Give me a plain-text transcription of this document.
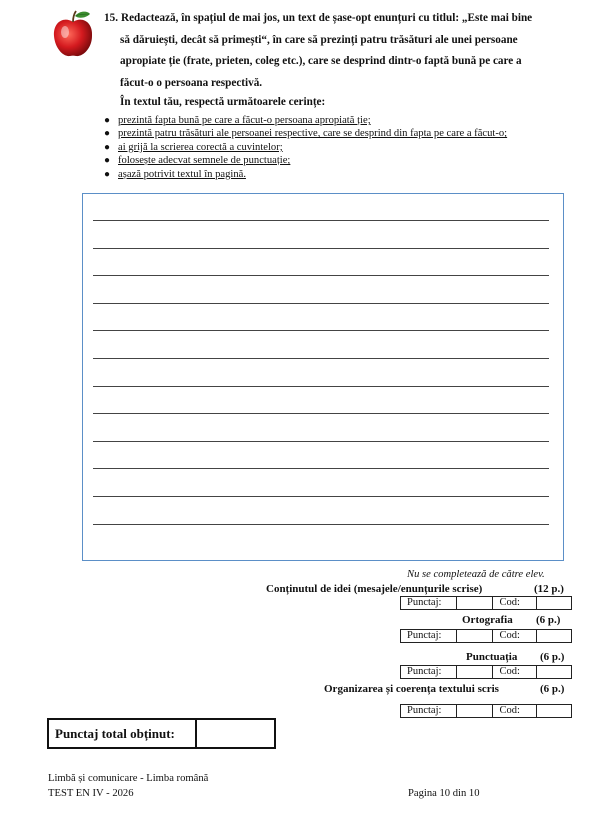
15. Redactează, în spațiul de mai jos, un text de șase-opt enunțuri cu titlul: „Este mai bine
să dăruiești, decât să primești“, în care să prezinți patru trăsături ale unei persoane
apropiate ție (frate, prieten, coleg etc.), care se desprind dintr-o faptă bună pe care a
făcut-o o persoana respectivă.
În textul tău, respectă următoarele cerințe:
● prezintă fapta bună pe care a făcut-o persoana apropiată ție;
● prezintă patru trăsături ale persoanei respective, care se desprind din fapta pe care a făcut-o;
● ai grijă la scrierea corectă a cuvintelor;
● folosește adecvat semnele de punctuație;
● așază potrivit textul în pagină.
Nu se completează de către elev.
Conținutul de idei (mesajele/enunțurile scrise)	(12 p.)
Punctaj:	Cod:
Ortografia (6 p.)
Punctaj:	Cod:
Punctuația (6 p.)
Punctaj:	Cod:
Organizarea și coerența textului scris	(6 p.)
Punctaj:	Cod:
Punctaj total obținut:
Limbă și comunicare - Limba română
TEST EN IV - 2026	Pagina 10 din 10
